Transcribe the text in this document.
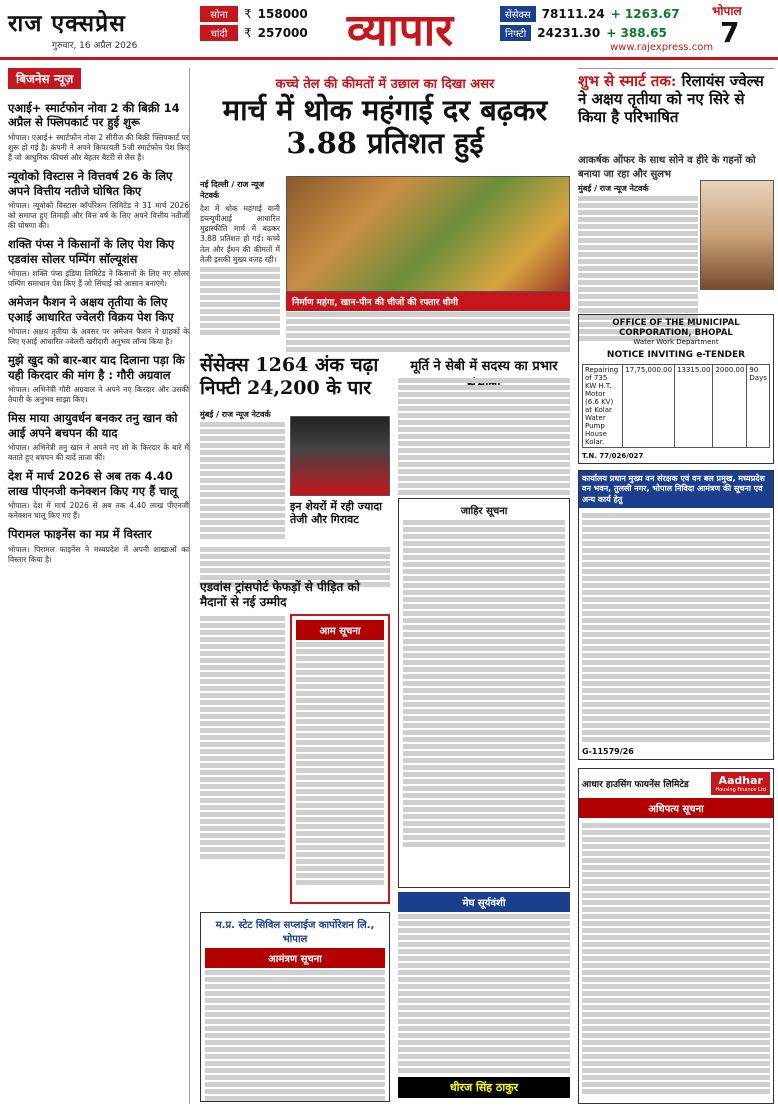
राज एक्सप्रेस
गुरुवार, 16 अप्रैल 2026
सोना	₹ 158000
चांदी	₹ 257000 व्यापार	सेंसेक्स 78111.24 + 1263.67
निफ्टी 24231.30 + 388.65
भोपाल
7
www.rajexpress.com
बिजनेस न्यूज़
एआई+ स्मार्टफोन नोवा 2 की बिक्री 14 अप्रैल से फ्लिपकार्ट पर हुई शुरू
भोपाल। एआई+ स्मार्टफोन नोवा 2 सीरीज की बिक्री फ्लिपकार्ट पर शुरू हो गई है। कंपनी ने अपने किफायती 5जी स्मार्टफोन पेश किए हैं जो आधुनिक फीचर्स और बेहतर बैटरी से लैस हैं।
न्यूवोको विस्टास ने वित्तवर्ष 26 के लिए अपने वित्तीय नतीजे घोषित किए
भोपाल। न्यूवोको विस्टास कॉर्पोरेशन लिमिटेड ने 31 मार्च 2026 को समाप्त हुए तिमाही और वित्त वर्ष के लिए अपने वित्तीय नतीजों की घोषणा की।
शक्ति पंप्स ने किसानों के लिए पेश किए एडवांस सोलर पम्पिंग सॉल्यूशंस
भोपाल। शक्ति पंप्स इंडिया लिमिटेड ने किसानों के लिए नए सोलर पम्पिंग समाधान पेश किए हैं जो सिंचाई को आसान बनाएंगे।
अमेजन फैशन ने अक्षय तृतीया के लिए एआई आधारित ज्वेलरी विक्रय पेश किए
भोपाल। अक्षय तृतीया के अवसर पर अमेजन फैशन ने ग्राहकों के लिए एआई आधारित ज्वेलरी खरीदारी अनुभव लॉन्च किया है।
मुझे खुद को बार-बार याद दिलाना पड़ा कि यही किरदार की मांग है : गौरी अग्रवाल
भोपाल। अभिनेत्री गौरी अग्रवाल ने अपने नए किरदार और उसकी तैयारी के अनुभव साझा किए।
मिस माया आयुवर्धन बनकर तनु खान को आई अपने बचपन की याद
भोपाल। अभिनेत्री तनु खान ने अपने नए शो के किरदार के बारे में बताते हुए बचपन की यादें ताजा कीं।
देश में मार्च 2026 से अब तक 4.40 लाख पीएनजी कनेक्शन किए गए हैं चालू
भोपाल। देश में मार्च 2026 से अब तक 4.40 लाख पीएनजी कनेक्शन चालू किए गए हैं।
पिरामल फाइनेंस का मप्र में विस्तार
भोपाल। पिरामल फाइनेंस ने मध्यप्रदेश में अपनी शाखाओं का विस्तार किया है।
कच्चे तेल की कीमतों में उछाल का दिखा असर
मार्च में थोक महंगाई दर बढ़कर 3.88 प्रतिशत हुई
नई दिल्ली / राज न्यूज नेटवर्क
देश में थोक महंगाई यानी डब्ल्यूपीआई आधारित मुद्रास्फीति मार्च में बढ़कर 3.88 प्रतिशत हो गई। कच्चे तेल और ईंधन की कीमतों में तेजी इसकी मुख्य वजह रही।
निर्माण महंगा, खान-पीन की चीजों की रफ्तार धीमी
सेंसेक्स 1264 अंक चढ़ा निफ्टी 24,200 के पार
मुंबई / राज न्यूज नेटवर्क
इन शेयरों में रही ज्यादा तेजी और गिरावट
मूर्ति ने सेबी में सदस्य का प्रभार
जाहिर सूचना
मेघ सूर्यवंशी
धीरज सिंह ठाकुर
एडवांस ट्रांसपोर्ट फेफड़ों से पीड़ित को मैदानों से नई उम्मीद
आम सूचना
म.प्र. स्टेट सिविल सप्लाईज कार्पोरेशन लि., भोपाल
आमंत्रण सूचना
शुभ से स्मार्ट तक: रिलायंस ज्वेल्स ने अक्षय तृतीया को नए सिरे से किया है परिभाषित
आकर्षक ऑफर के साथ सोने व हीरे के गहनों को बनाया जा रहा और सुलभ
मुंबई / राज न्यूज नेटवर्क
OFFICE OF THE MUNICIPAL CORPORATION, BHOPAL
Water Work Department
NOTICE INVITING e-TENDER
Repairing of 735 KW H.T. Motor (6.6 KV) at Kolar Water Pump House Kolar.	17,75,000.00	13315.00	2000.00	90 Days
T.N. 77/026/027
कार्यालय प्रधान मुख्य वन संरक्षक एवं वन बल प्रमुख, मध्यप्रदेश वन भवन, तुलसी नगर, भोपाल निविदा आमंत्रण की सूचना एवं अन्य कार्य हेतु
G-11579/26
आधार हाउसिंग फायनेंस लिमिटेड	Aadhar
Housing Finance Ltd
अधिपत्य सूचना
